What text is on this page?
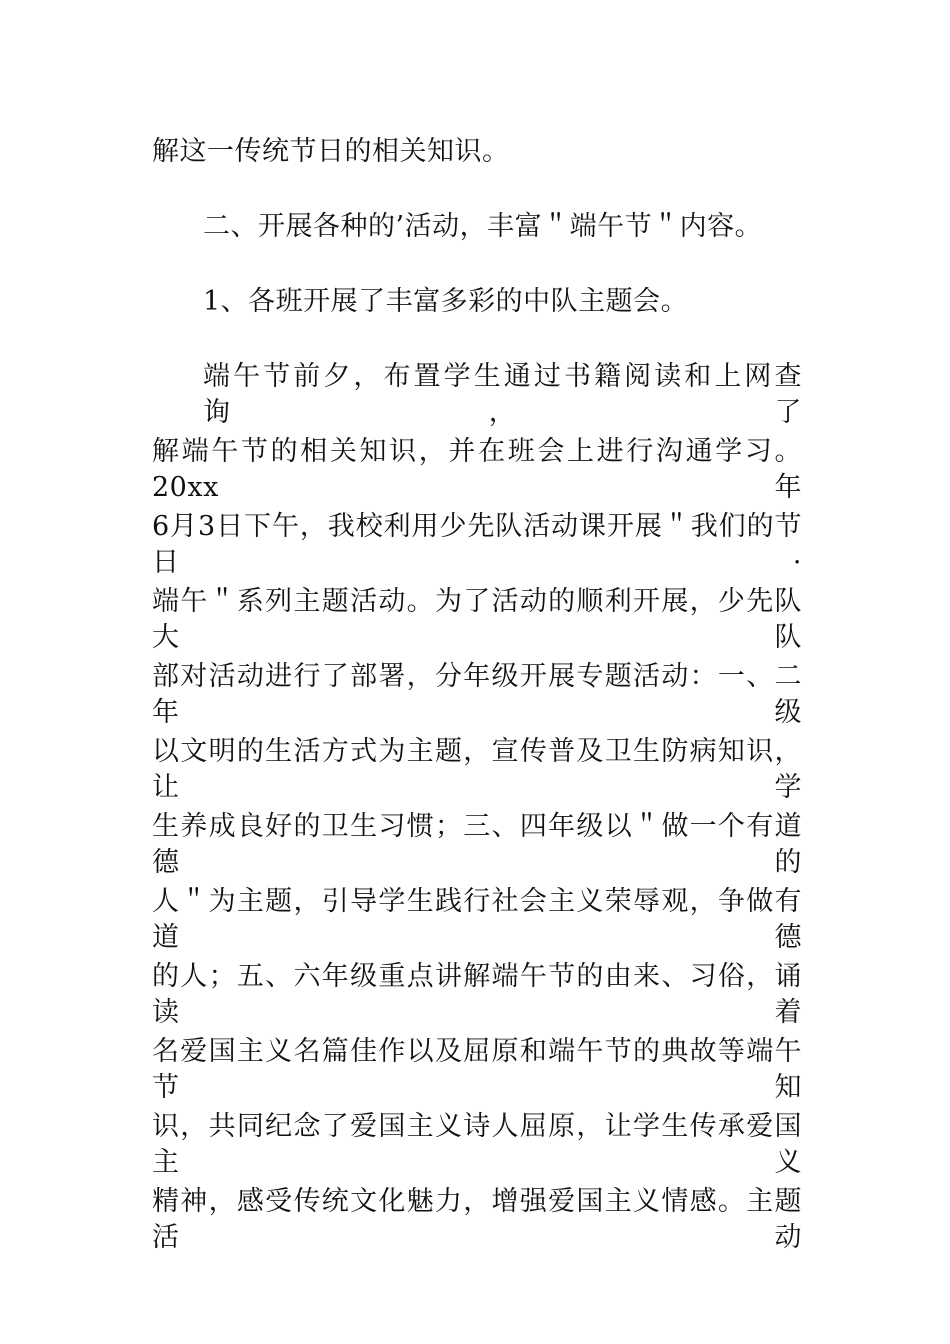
解这一传统节日的相关知识。
二、开展各种的’活动，丰富＂端午节＂内容。
1、各班开展了丰富多彩的中队主题会。
端午节前夕，布置学生通过书籍阅读和上网查询，了
解端午节的相关知识，并在班会上进行沟通学习。20xx年
6月3日下午，我校利用少先队活动课开展＂我们的节日·
端午＂系列主题活动。为了活动的顺利开展，少先队大队
部对活动进行了部署，分年级开展专题活动：一、二年级
以文明的生活方式为主题，宣传普及卫生防病知识，让学
生养成良好的卫生习惯；三、四年级以＂做一个有道德的
人＂为主题，引导学生践行社会主义荣辱观，争做有道德
的人；五、六年级重点讲解端午节的由来、习俗，诵读着
名爱国主义名篇佳作以及屈原和端午节的典故等端午节知
识，共同纪念了爱国主义诗人屈原，让学生传承爱国主义
精神，感受传统文化魅力，增强爱国主义情感。主题活动
